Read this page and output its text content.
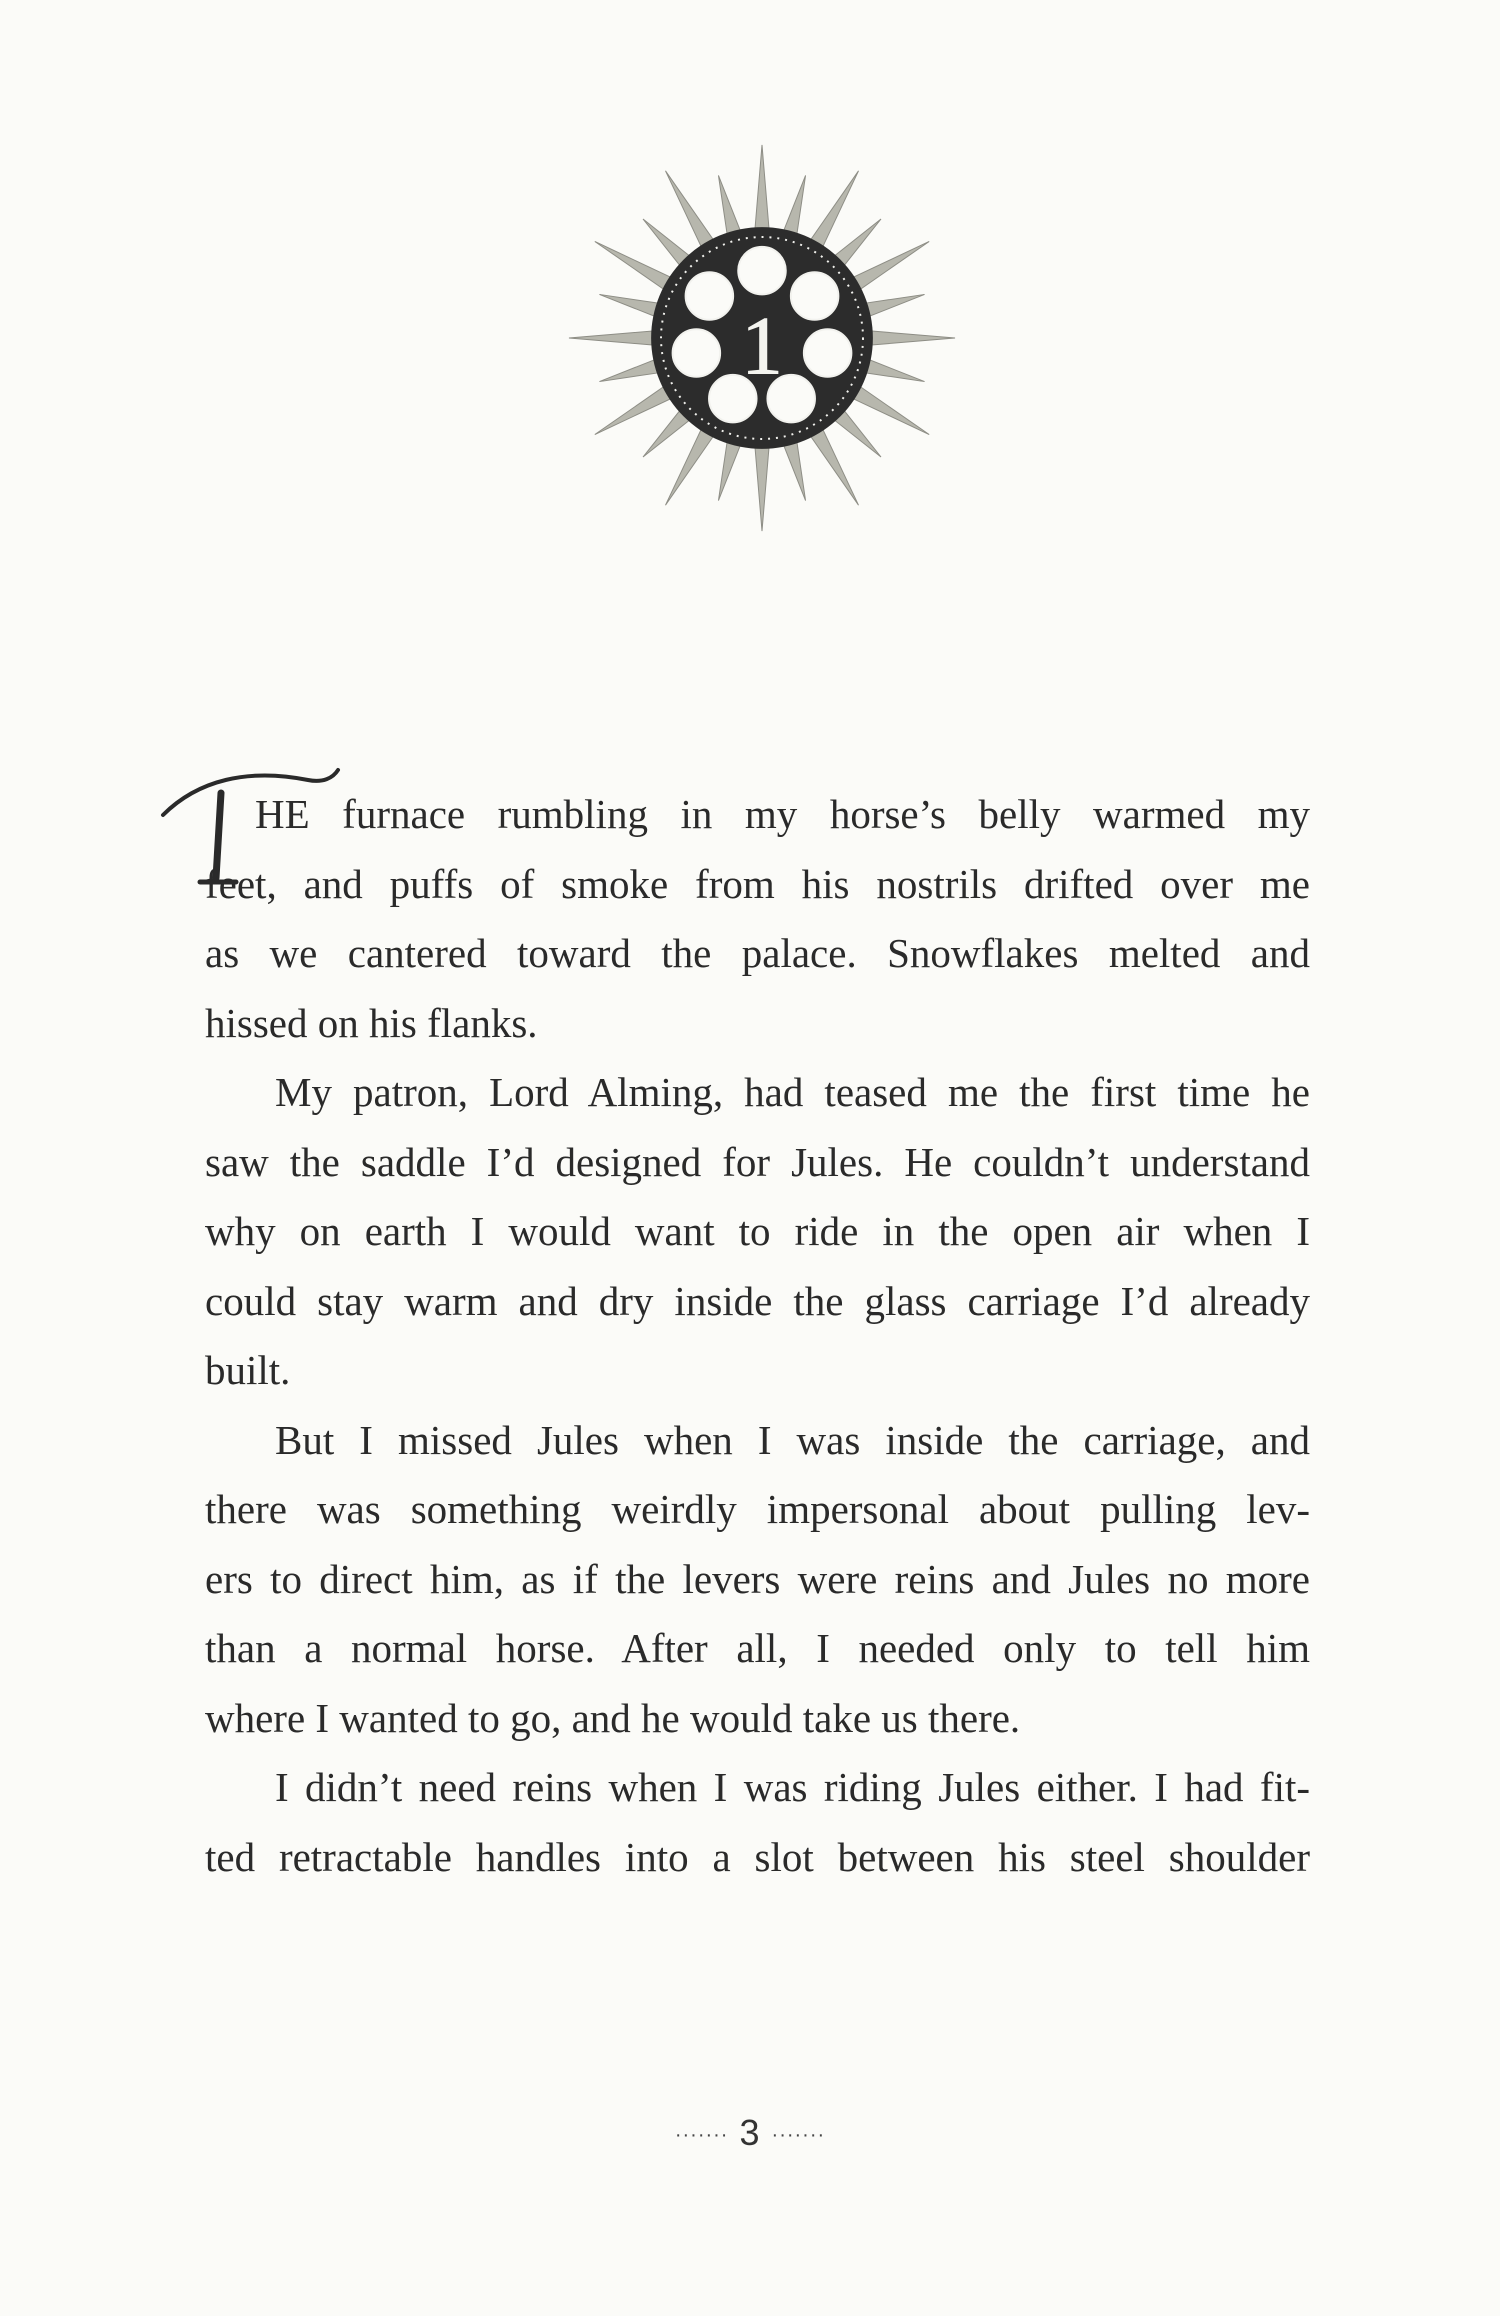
1
T

HE furnace rumbling in my horse’s belly warmed my
feet, and puffs of smoke from his nostrils drifted over me
as we cantered toward the palace. Snowflakes melted and
hissed on his flanks.

My patron, Lord Alming, had teased me the first time he
saw the saddle I’d designed for Jules. He couldn’t understand
why on earth I would want to ride in the open air when I
could stay warm and dry inside the glass carriage I’d already
built.

But I missed Jules when I was inside the carriage, and
there was something weirdly impersonal about pulling lev-
ers to direct him, as if the levers were reins and Jules no more
than a normal horse. After all, I needed only to tell him
where I wanted to go, and he would take us there.

I didn’t need reins when I was riding Jules either. I had fit-
ted retractable handles into a slot between his steel shoulder

······· 3 ·······
